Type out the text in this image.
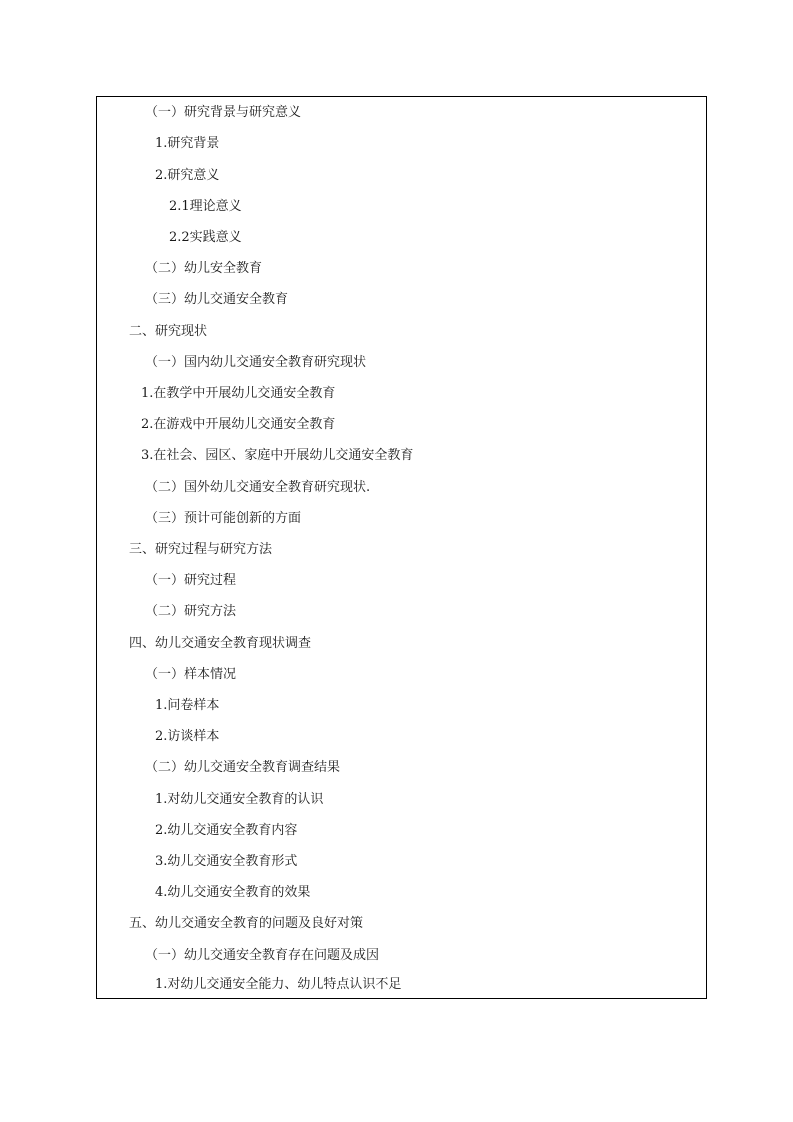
（一）研究背景与研究意义
1.研究背景
2.研究意义
2.1理论意义
2.2实践意义
（二）幼儿安全教育
（三）幼儿交通安全教育
二、研究现状
（一）国内幼儿交通安全教育研究现状
1.在教学中开展幼儿交通安全教育
2.在游戏中开展幼儿交通安全教育
3.在社会、园区、家庭中开展幼儿交通安全教育
（二）国外幼儿交通安全教育研究现状.
（三）预计可能创新的方面
三、研究过程与研究方法
（一）研究过程
（二）研究方法
四、幼儿交通安全教育现状调查
（一）样本情况
1.问卷样本
2.访谈样本
（二）幼儿交通安全教育调查结果
1.对幼儿交通安全教育的认识
2.幼儿交通安全教育内容
3.幼儿交通安全教育形式
4.幼儿交通安全教育的效果
五、幼儿交通安全教育的问题及良好对策
（一）幼儿交通安全教育存在问题及成因
1.对幼儿交通安全能力、幼儿特点认识不足
